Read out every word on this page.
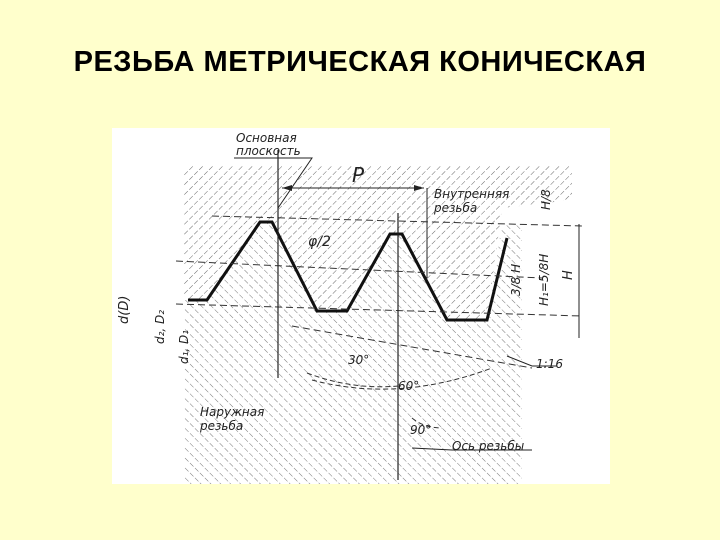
РЕЗЬБА МЕТРИЧЕСКАЯ КОНИЧЕСКАЯ
Основная
плоскость
P
Внутренняя
резьба	H/8
φ/2
3/8 H H₁=5/8H H
d(D)
d₂, D₂
d₁, D₁	30°	1:16
60°
Наружная
резьба	90°
Ось резьбы
